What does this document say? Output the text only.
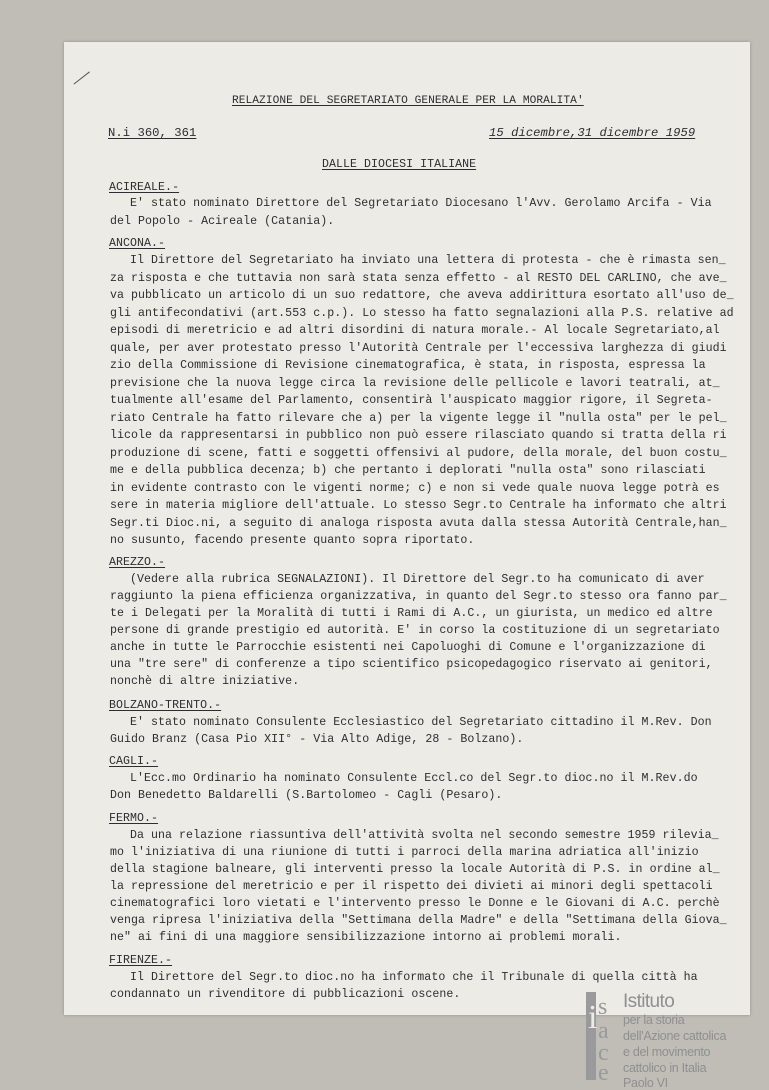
RELAZIONE DEL SEGRETARIATO GENERALE PER LA MORALITA'
N.i 360, 361	15 dicembre,31 dicembre 1959
DALLE DIOCESI ITALIANE
ACIREALE.-
E' stato nominato Direttore del Segretariato Diocesano l'Avv. Gerolamo Arcifa - Via
del Popolo - Acireale (Catania).
ANCONA.-
Il Direttore del Segretariato ha inviato una lettera di protesta - che è rimasta sen_
za risposta e che tuttavia non sarà stata senza effetto - al RESTO DEL CARLINO, che ave_
va pubblicato un articolo di un suo redattore, che aveva addirittura esortato all'uso de_
gli antifecondativi (art.553 c.p.). Lo stesso ha fatto segnalazioni alla P.S. relative ad
episodi di meretricio e ad altri disordini di natura morale.- Al locale Segretariato,al
quale, per aver protestato presso l'Autorità Centrale per l'eccessiva larghezza di giudi
zio della Commissione di Revisione cinematografica, è stata, in risposta, espressa la
previsione che la nuova legge circa la revisione delle pellicole e lavori teatrali, at_
tualmente all'esame del Parlamento, consentirà l'auspicato maggior rigore, il Segreta-
riato Centrale ha fatto rilevare che a) per la vigente legge il "nulla osta" per le pel_
licole da rappresentarsi in pubblico non può essere rilasciato quando si tratta della ri
produzione di scene, fatti e soggetti offensivi al pudore, della morale, del buon costu_
me e della pubblica decenza; b) che pertanto i deplorati "nulla osta" sono rilasciati
in evidente contrasto con le vigenti norme; c) e non si vede quale nuova legge potrà es
sere in materia migliore dell'attuale. Lo stesso Segr.to Centrale ha informato che altri
Segr.ti Dioc.ni, a seguito di analoga risposta avuta dalla stessa Autorità Centrale,han_
no susunto, facendo presente quanto sopra riportato.
AREZZO.-
(Vedere alla rubrica SEGNALAZIONI). Il Direttore del Segr.to ha comunicato di aver
raggiunto la piena efficienza organizzativa, in quanto del Segr.to stesso ora fanno par_
te i Delegati per la Moralità di tutti i Rami di A.C., un giurista, un medico ed altre
persone di grande prestigio ed autorità. E' in corso la costituzione di un segretariato
anche in tutte le Parrocchie esistenti nei Capoluoghi di Comune e l'organizzazione di
una "tre sere" di conferenze a tipo scientifico psicopedagogico riservato ai genitori,
nonchè di altre iniziative.
BOLZANO-TRENTO.-
E' stato nominato Consulente Ecclesiastico del Segretariato cittadino il M.Rev. Don
Guido Branz (Casa Pio XII° - Via Alto Adige, 28 - Bolzano).
CAGLI.-
L'Ecc.mo Ordinario ha nominato Consulente Eccl.co del Segr.to dioc.no il M.Rev.do
Don Benedetto Baldarelli (S.Bartolomeo - Cagli (Pesaro).
FERMO.-
Da una relazione riassuntiva dell'attività svolta nel secondo semestre 1959 rileviа_
mo l'iniziativa di una riunione di tutti i parroci della marina adriatica all'inizio
della stagione balneare, gli interventi presso la locale Autorità di P.S. in ordine al_
la repressione del meretricio e per il rispetto dei divieti ai minori degli spettacoli
cinematografici loro vietati e l'intervento presso le Donne e le Giovani di A.C. perchè
venga ripresa l'iniziativa della "Settimana della Madre" e della "Settimana della Giova_
ne" ai fini di una maggiore sensibilizzazione intorno ai problemi morali.
FIRENZE.-
Il Direttore del Segr.to dioc.no ha informato che il Tribunale di quella città ha
condannato un rivenditore di pubblicazioni oscene.
i s
a
c
e
Istituto
per la storia
dell'Azione cattolica
e del movimento
cattolico in Italia
Paolo VI
